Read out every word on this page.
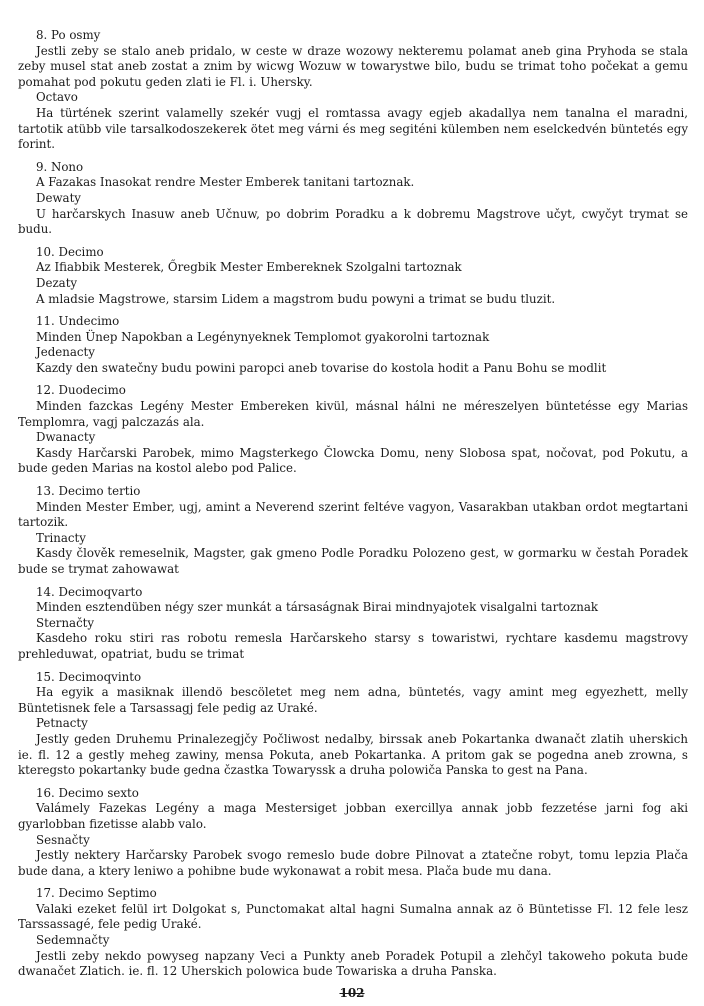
8. Po osmy

Jestli zeby se stalo aneb pridalo, w ceste w draze wozowy nekteremu polamat aneb gina Pryhoda se stala zeby musel stat aneb zostat a znim by wicwg Wozuw w towarystwe bilo, budu se trimat toho počekat a gemu pomahat pod pokutu geden zlati ie Fl. i. Uhersky.

Octavo

Ha türtének szerint valamelly szekér vugj el romtassa avagy egjeb akadallya nem tanalna el maradni, tartotik atübb vile tarsalkodoszekerek ötet meg várni és meg segiténi külemben nem eselckedvén büntetés egy forint.

9. Nono

A Fazakas Inasokat rendre Mester Emberek tanitani tartoznak.

Dewaty

U harčarskych Inasuw aneb Učnuw, po dobrim Poradku a k dobremu Magstrove učyt, cwyčyt trymat se budu.

10. Decimo

Az Ifiabbik Mesterek, Őregbik Mester Embereknek Szolgalni tartoznak

Dezaty

A mladsie Magstrowe, starsim Lidem a magstrom budu powyni a trimat se budu tluzit.

11. Undecimo

Minden Ünep Napokban a Legénynyeknek Templomot gyakorolni tartoznak

Jedenacty

Kazdy den swatečny budu powini paropci aneb tovarise do kostola hodit a Panu Bohu se modlit

12. Duodecimo

Minden fazckas Legény Mester Embereken kivül, másnal hálni ne méreszelyen büntetésse egy Marias Templomra, vagj palczazás ala.

Dwanacty

Kasdy Harčarski Parobek, mimo Magsterkego Člowcka Domu, neny Slobosa spat, nočovat, pod Pokutu, a bude geden Marias na kostol alebo pod Palice.

13. Decimo tertio

Minden Mester Ember, ugj, amint a Neverend szerint feltéve vagyon, Vasarakban utakban ordot megtartani tartozik.

Trinacty

Kasdy člověk remeselnik, Magster, gak gmeno Podle Poradku Polozeno gest, w gormarku w čestah Poradek bude se trymat zahowawat

14. Decimoqvarto

Minden esztendüben négy szer munkát a társaságnak Birai mindnyajotek visalgalni tartoznak

Sternačty

Kasdeho roku stiri ras robotu remesla Harčarskeho starsy s towaristwi, rychtare kasdemu magstrovy prehleduwat, opatriat, budu se trimat

15. Decimoqvinto

Ha egyik a masiknak illendö bescöletet meg nem adna, büntetés, vagy amint meg egyezhett, melly Büntetisnek fele a Tarsassagj fele pedig az Uraké.

Petnacty

Jestly geden Druhemu Prinalezegjčy Počliwost nedalby, birssak aneb Pokartanka dwanačt zlatih uherskich ie. fl. 12 a gestly meheg zawiny, mensa Pokuta, aneb Pokartanka. A pritom gak se pogedna aneb zrowna, s kteregsto pokartanky bude gedna čzastka Towaryssk a druha polowiča Panska to gest na Pana.

16. Decimo sexto

Valámely Fazekas Legény a maga Mestersiget jobban exercillya annak jobb fezzetése jarni fog aki gyarlobban fizetisse alabb valo.

Sesnačty

Jestly nektery Harčarsky Parobek svogo remeslo bude dobre Pilnovat a ztatečne robyt, tomu lepzia Plača bude dana, a ktery leniwo a pohibne bude wykonawat a robit mesa. Plača bude mu dana.

17. Decimo Septimo

Valaki ezeket felül irt Dolgokat s, Punctomakat altal hagni Sumalna annak az ö Büntetisse Fl. 12 fele lesz Tarssassagé, fele pedig Uraké.

Sedemnačty

Jestli zeby nekdo powyseg napzany Veci a Punkty aneb Poradek Potupil a zlehčyl takoweho pokuta bude dwanačet Zlatich. ie. fl. 12 Uherskich polowica bude Towariska a druha Panska.

102
